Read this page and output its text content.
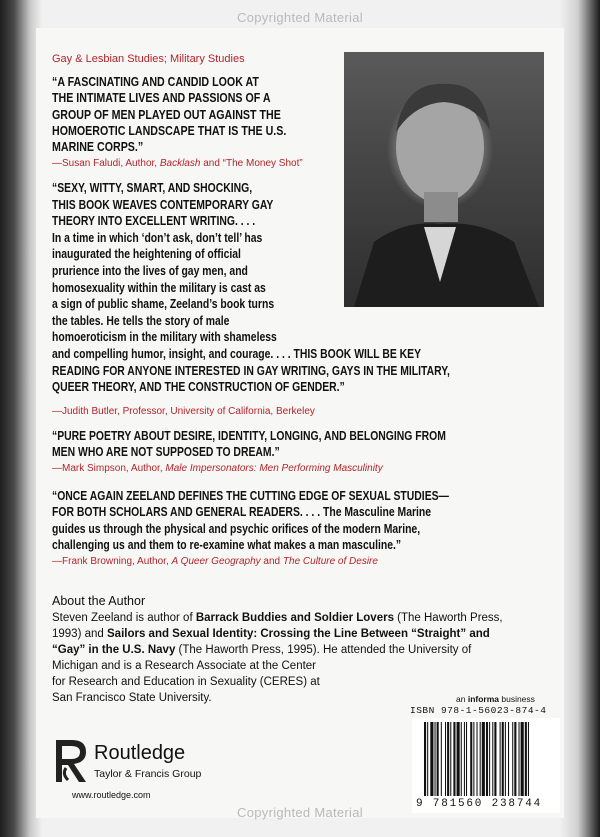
Copyrighted Material
Gay & Lesbian Studies; Military Studies
“A FASCINATING AND CANDID LOOK AT
THE INTIMATE LIVES AND PASSIONS OF A
GROUP OF MEN PLAYED OUT AGAINST THE
HOMOEROTIC LANDSCAPE THAT IS THE U.S.
MARINE CORPS.”
—Susan Faludi, Author, Backlash and “The Money Shot”
“SEXY, WITTY, SMART, AND SHOCKING,
THIS BOOK WEAVES CONTEMPORARY GAY
THEORY INTO EXCELLENT WRITING. . . .
In a time in which ‘don’t ask, don’t tell’ has
inaugurated the heightening of official
prurience into the lives of gay men, and
homosexuality within the military is cast as
a sign of public shame, Zeeland’s book turns
the tables. He tells the story of male
homoeroticism in the military with shameless
and compelling humor, insight, and courage. . . . THIS BOOK WILL BE KEY
READING FOR ANYONE INTERESTED IN GAY WRITING, GAYS IN THE MILITARY,
QUEER THEORY, AND THE CONSTRUCTION OF GENDER.”
—Judith Butler, Professor, University of California, Berkeley
“PURE POETRY ABOUT DESIRE, IDENTITY, LONGING, AND BELONGING FROM
MEN WHO ARE NOT SUPPOSED TO DREAM.”
—Mark Simpson, Author, Male Impersonators: Men Performing Masculinity
“ONCE AGAIN ZEELAND DEFINES THE CUTTING EDGE OF SEXUAL STUDIES—
FOR BOTH SCHOLARS AND GENERAL READERS. . . . The Masculine Marine
guides us through the physical and psychic orifices of the modern Marine,
challenging us and them to re-examine what makes a man masculine.”
—Frank Browning, Author, A Queer Geography and The Culture of Desire
About the Author
Steven Zeeland is author of Barrack Buddies and Soldier Lovers (The Haworth Press,
1993) and Sailors and Sexual Identity: Crossing the Line Between “Straight” and
“Gay” in the U.S. Navy (The Haworth Press, 1995). He attended the University of
Michigan and is a Research Associate at the Center
for Research and Education in Sexuality (CERES) at
San Francisco State University.
Routledge
Taylor & Francis Group
www.routledge.com
an informa business
ISBN 978-1-56023-874-4
9 781560 238744
Copyrighted Material
